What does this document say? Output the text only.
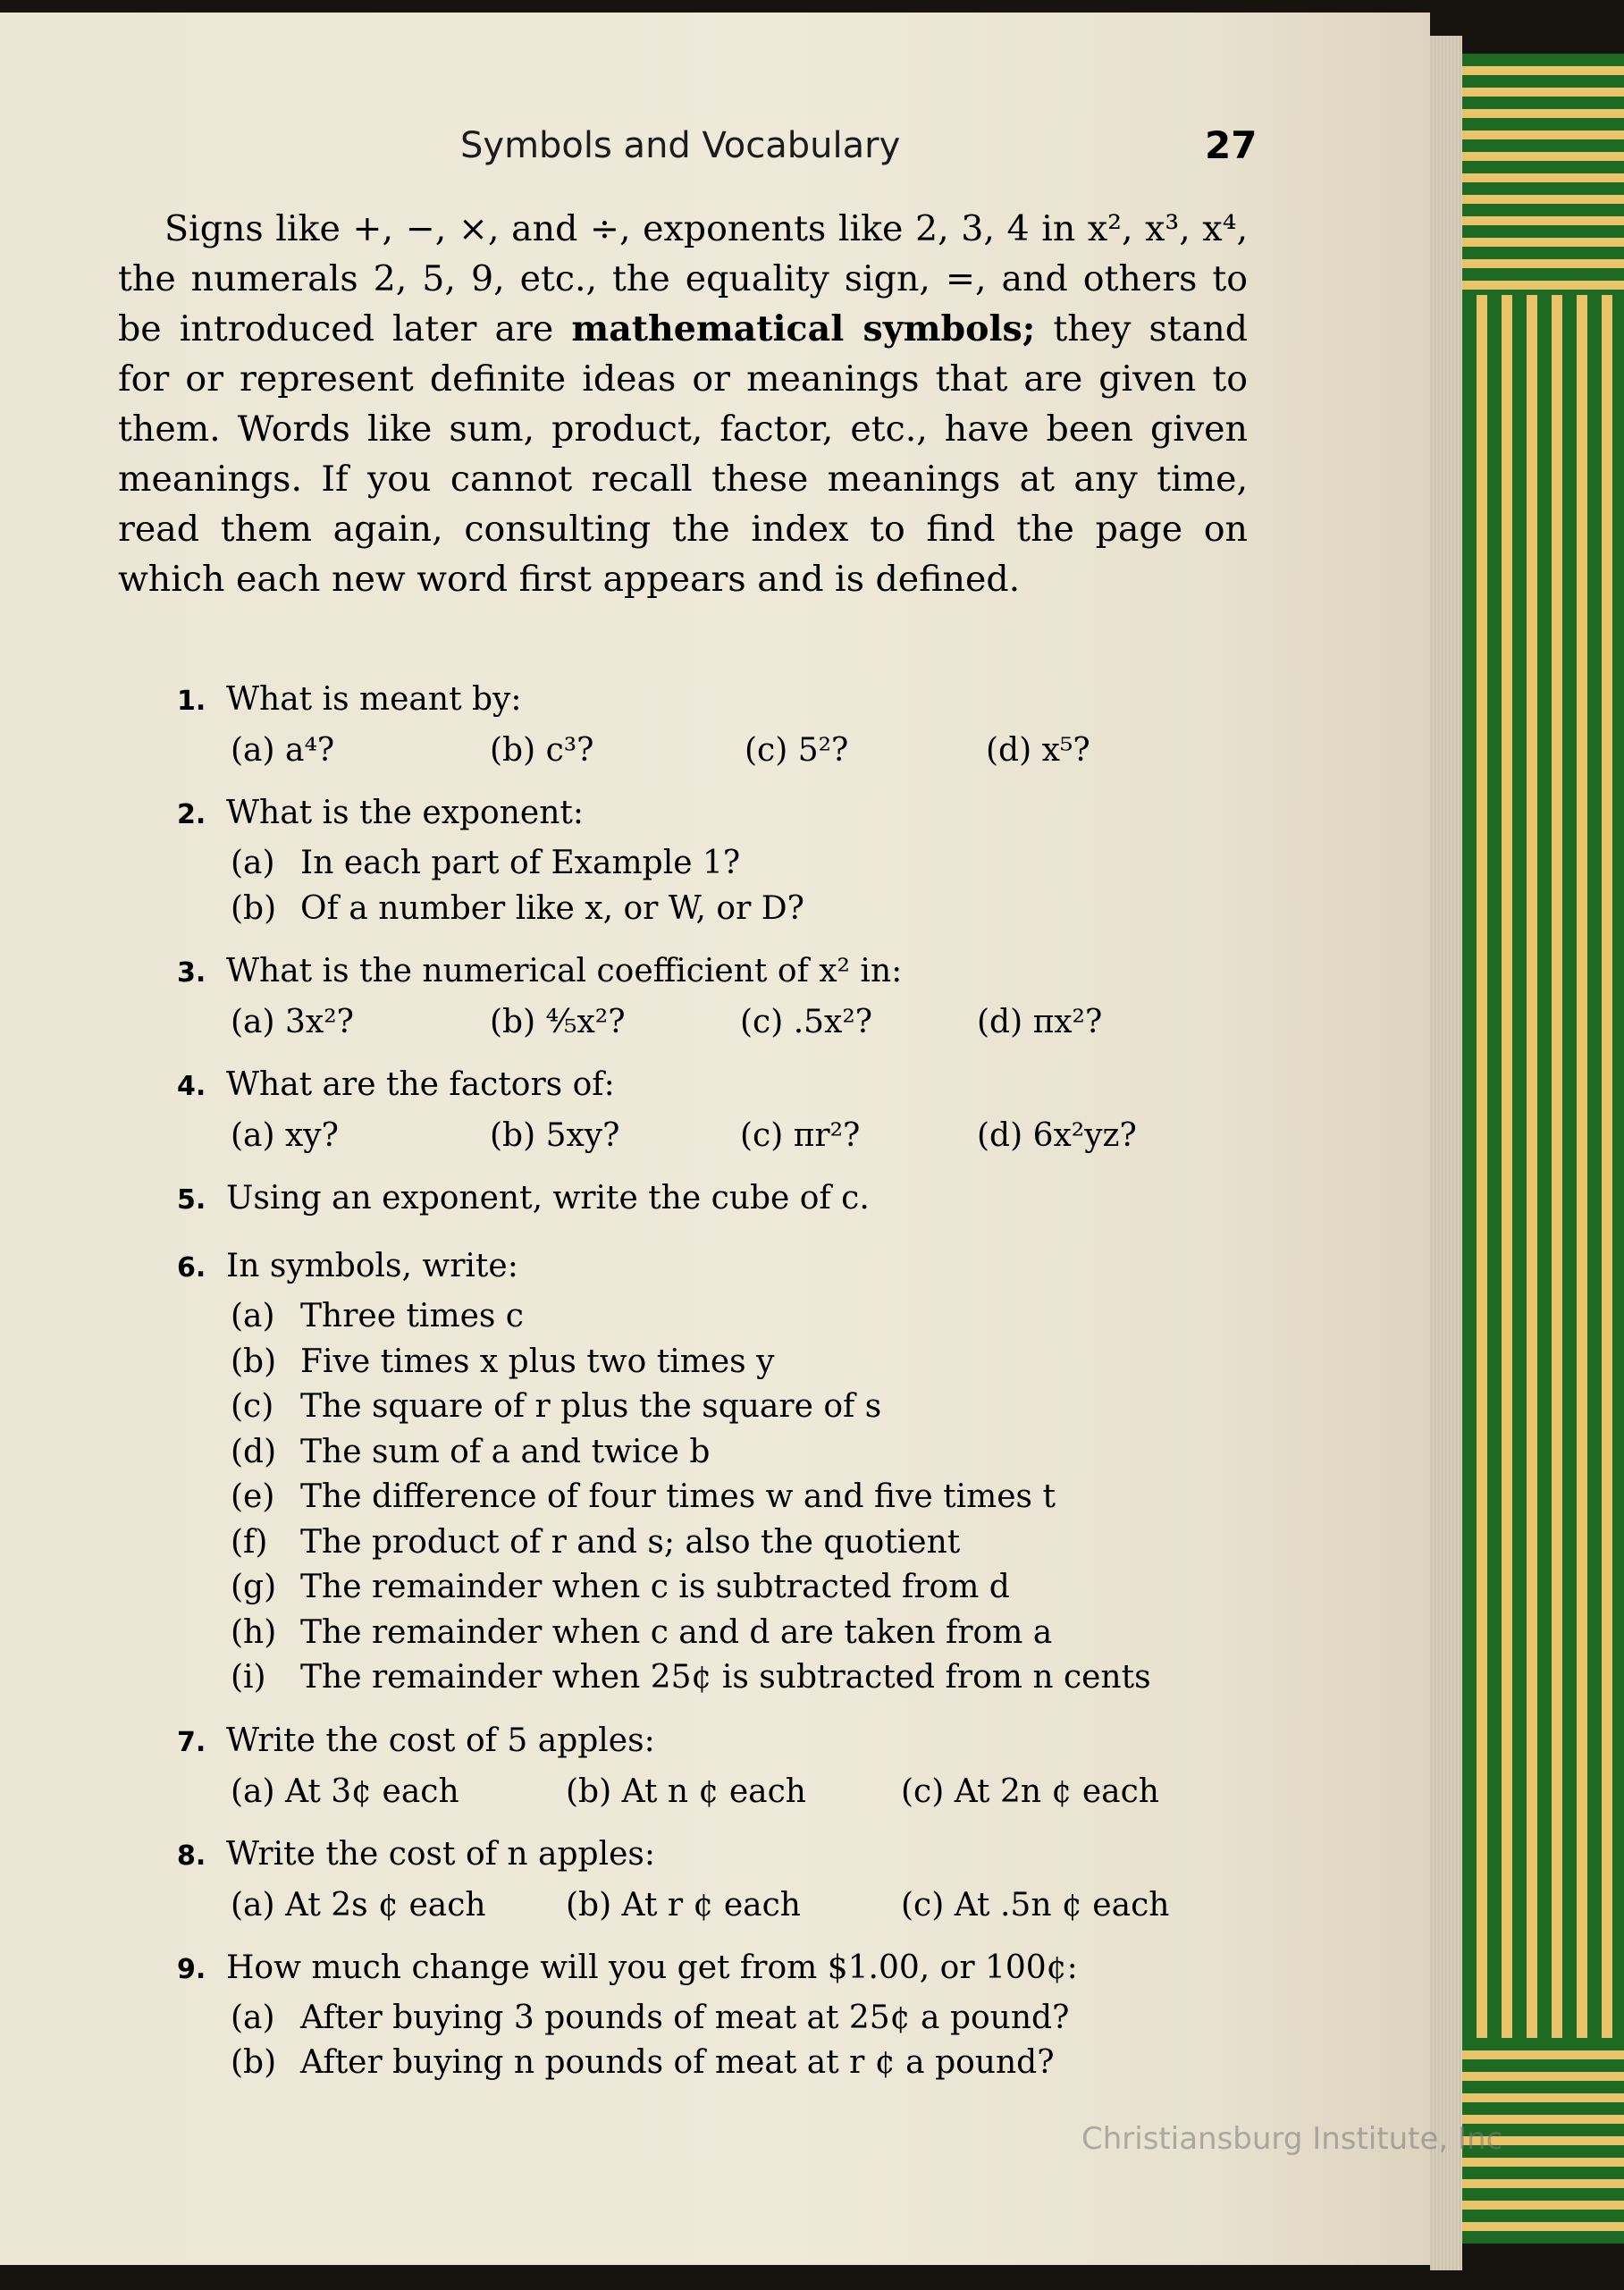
Symbols and Vocabulary	27
Signs like +, −, ×, and ÷, exponents like 2, 3, 4 in x², x³, x⁴, the numerals 2, 5, 9, etc., the equality sign, =, and others to be introduced later are mathematical symbols; they stand for or represent definite ideas or meanings that are given to them. Words like sum, product, factor, etc., have been given meanings. If you cannot recall these meanings at any time, read them again, consulting the index to find the page on which each new word first appears and is defined.
1. What is meant by:
(a) a⁴?	(b) c³?	(c) 5²?	(d) x⁵?
2. What is the exponent:
(a) In each part of Example 1?
(b) Of a number like x, or W, or D?
3. What is the numerical coefficient of x² in:
(a) 3x²?	(b) ⅘x²?	(c) .5x²?	(d) πx²?
4. What are the factors of:
(a) xy?	(b) 5xy?	(c) πr²?	(d) 6x²yz?
5. Using an exponent, write the cube of c.
6. In symbols, write:
(a) Three times c
(b) Five times x plus two times y
(c) The square of r plus the square of s
(d) The sum of a and twice b
(e) The difference of four times w and five times t
(f) The product of r and s; also the quotient
(g) The remainder when c is subtracted from d
(h) The remainder when c and d are taken from a
(i) The remainder when 25¢ is subtracted from n cents
7. Write the cost of 5 apples:
(a) At 3¢ each	(b) At n ¢ each	(c) At 2n ¢ each
8. Write the cost of n apples:
(a) At 2s ¢ each	(b) At r ¢ each	(c) At .5n ¢ each
9. How much change will you get from $1.00, or 100¢:
(a) After buying 3 pounds of meat at 25¢ a pound?
(b) After buying n pounds of meat at r ¢ a pound?
Christiansburg Institute, Inc
